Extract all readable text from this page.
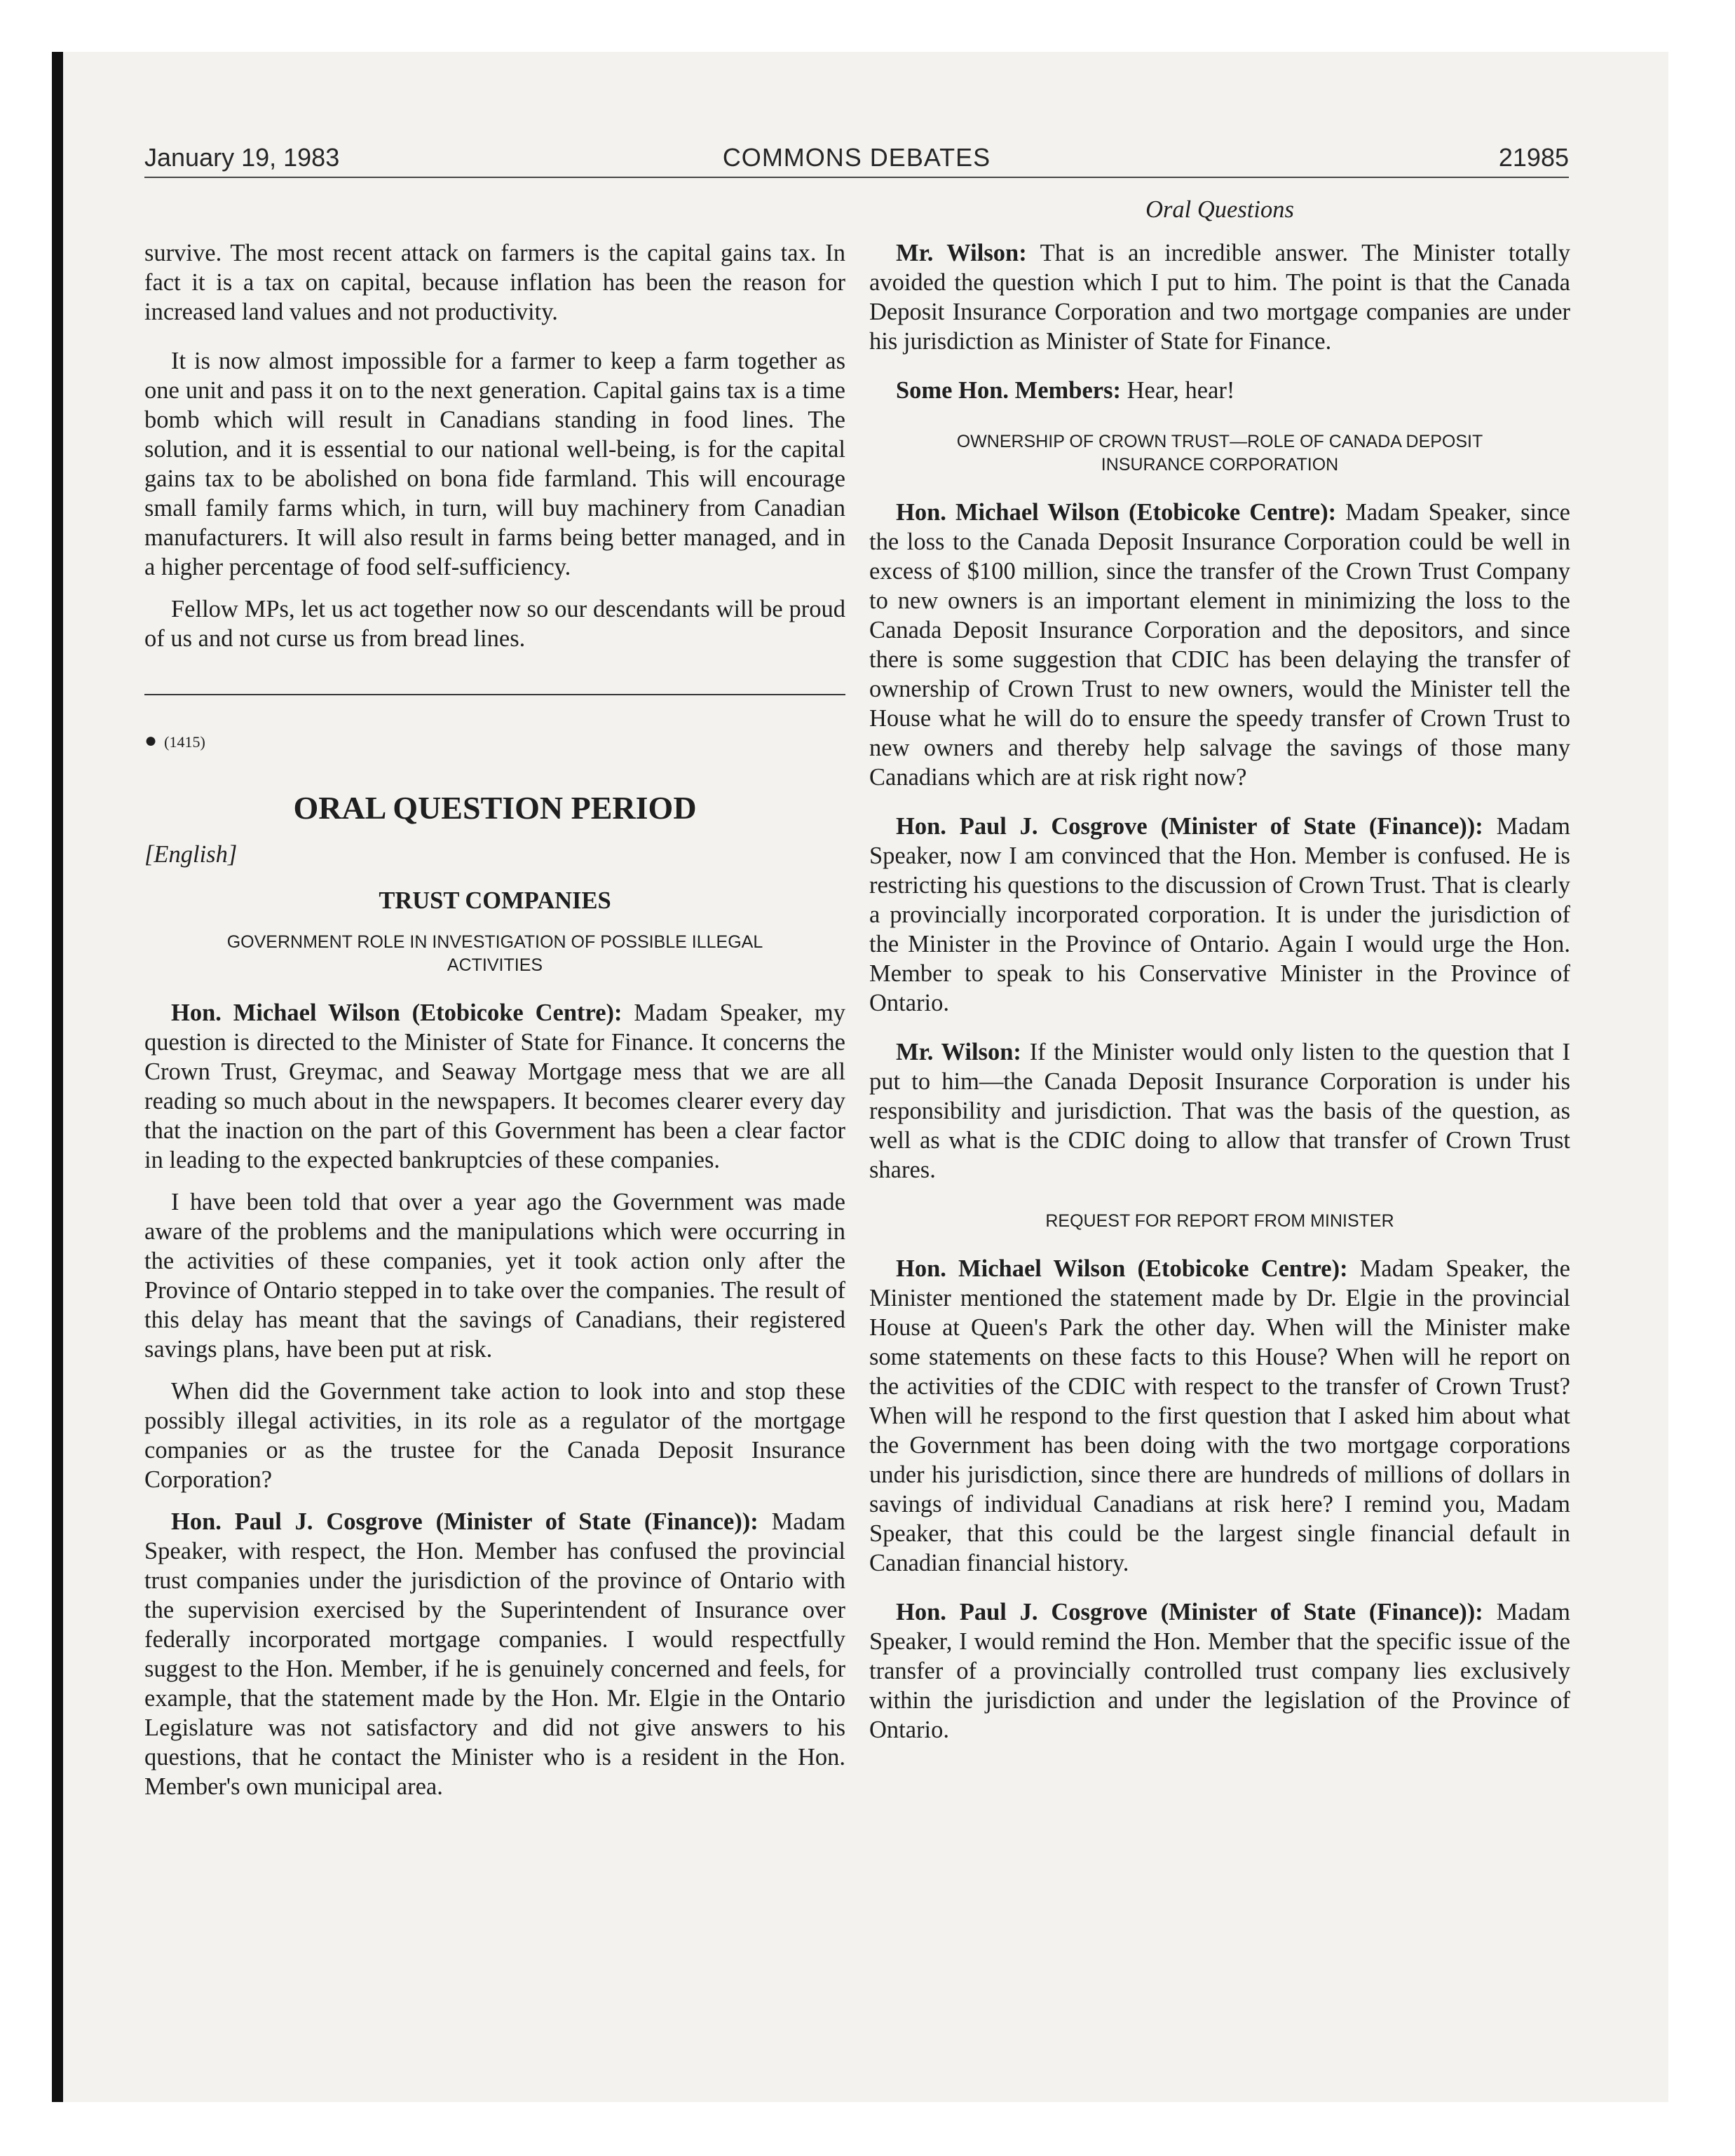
January 19, 1983	COMMONS DEBATES	21985

survive. The most recent attack on farmers is the capital gains tax. In fact it is a tax on capital, because inflation has been the reason for increased land values and not productivity.

It is now almost impossible for a farmer to keep a farm together as one unit and pass it on to the next generation. Capital gains tax is a time bomb which will result in Canadians standing in food lines. The solution, and it is essential to our national well-being, is for the capital gains tax to be abolished on bona fide farmland. This will encourage small family farms which, in turn, will buy machinery from Canadian manufacturers. It will also result in farms being better managed, and in a higher percentage of food self-sufficiency.

Fellow MPs, let us act together now so our descendants will be proud of us and not curse us from bread lines.

● (1415)
ORAL QUESTION PERIOD
[English]
TRUST COMPANIES
GOVERNMENT ROLE IN INVESTIGATION OF POSSIBLE ILLEGAL ACTIVITIES

Hon. Michael Wilson (Etobicoke Centre): Madam Speaker, my question is directed to the Minister of State for Finance. It concerns the Crown Trust, Greymac, and Seaway Mortgage mess that we are all reading so much about in the newspapers. It becomes clearer every day that the inaction on the part of this Government has been a clear factor in leading to the expected bankruptcies of these companies.

I have been told that over a year ago the Government was made aware of the problems and the manipulations which were occurring in the activities of these companies, yet it took action only after the Province of Ontario stepped in to take over the companies. The result of this delay has meant that the savings of Canadians, their registered savings plans, have been put at risk.

When did the Government take action to look into and stop these possibly illegal activities, in its role as a regulator of the mortgage companies or as the trustee for the Canada Deposit Insurance Corporation?

Hon. Paul J. Cosgrove (Minister of State (Finance)): Madam Speaker, with respect, the Hon. Member has confused the provincial trust companies under the jurisdiction of the province of Ontario with the supervision exercised by the Superintendent of Insurance over federally incorporated mortgage companies. I would respectfully suggest to the Hon. Member, if he is genuinely concerned and feels, for example, that the statement made by the Hon. Mr. Elgie in the Ontario Legislature was not satisfactory and did not give answers to his questions, that he contact the Minister who is a resident in the Hon. Member's own municipal area.

Oral Questions

Mr. Wilson: That is an incredible answer. The Minister totally avoided the question which I put to him. The point is that the Canada Deposit Insurance Corporation and two mortgage companies are under his jurisdiction as Minister of State for Finance.

Some Hon. Members: Hear, hear!

OWNERSHIP OF CROWN TRUST—ROLE OF CANADA DEPOSIT INSURANCE CORPORATION

Hon. Michael Wilson (Etobicoke Centre): Madam Speaker, since the loss to the Canada Deposit Insurance Corporation could be well in excess of $100 million, since the transfer of the Crown Trust Company to new owners is an important element in minimizing the loss to the Canada Deposit Insurance Corporation and the depositors, and since there is some suggestion that CDIC has been delaying the transfer of ownership of Crown Trust to new owners, would the Minister tell the House what he will do to ensure the speedy transfer of Crown Trust to new owners and thereby help salvage the savings of those many Canadians which are at risk right now?

Hon. Paul J. Cosgrove (Minister of State (Finance)): Madam Speaker, now I am convinced that the Hon. Member is confused. He is restricting his questions to the discussion of Crown Trust. That is clearly a provincially incorporated corporation. It is under the jurisdiction of the Minister in the Province of Ontario. Again I would urge the Hon. Member to speak to his Conservative Minister in the Province of Ontario.

Mr. Wilson: If the Minister would only listen to the question that I put to him—the Canada Deposit Insurance Corporation is under his responsibility and jurisdiction. That was the basis of the question, as well as what is the CDIC doing to allow that transfer of Crown Trust shares.

REQUEST FOR REPORT FROM MINISTER

Hon. Michael Wilson (Etobicoke Centre): Madam Speaker, the Minister mentioned the statement made by Dr. Elgie in the provincial House at Queen's Park the other day. When will the Minister make some statements on these facts to this House? When will he report on the activities of the CDIC with respect to the transfer of Crown Trust? When will he respond to the first question that I asked him about what the Government has been doing with the two mortgage corporations under his jurisdiction, since there are hundreds of millions of dollars in savings of individual Canadians at risk here? I remind you, Madam Speaker, that this could be the largest single financial default in Canadian financial history.

Hon. Paul J. Cosgrove (Minister of State (Finance)): Madam Speaker, I would remind the Hon. Member that the specific issue of the transfer of a provincially controlled trust company lies exclusively within the jurisdiction and under the legislation of the Province of Ontario.
